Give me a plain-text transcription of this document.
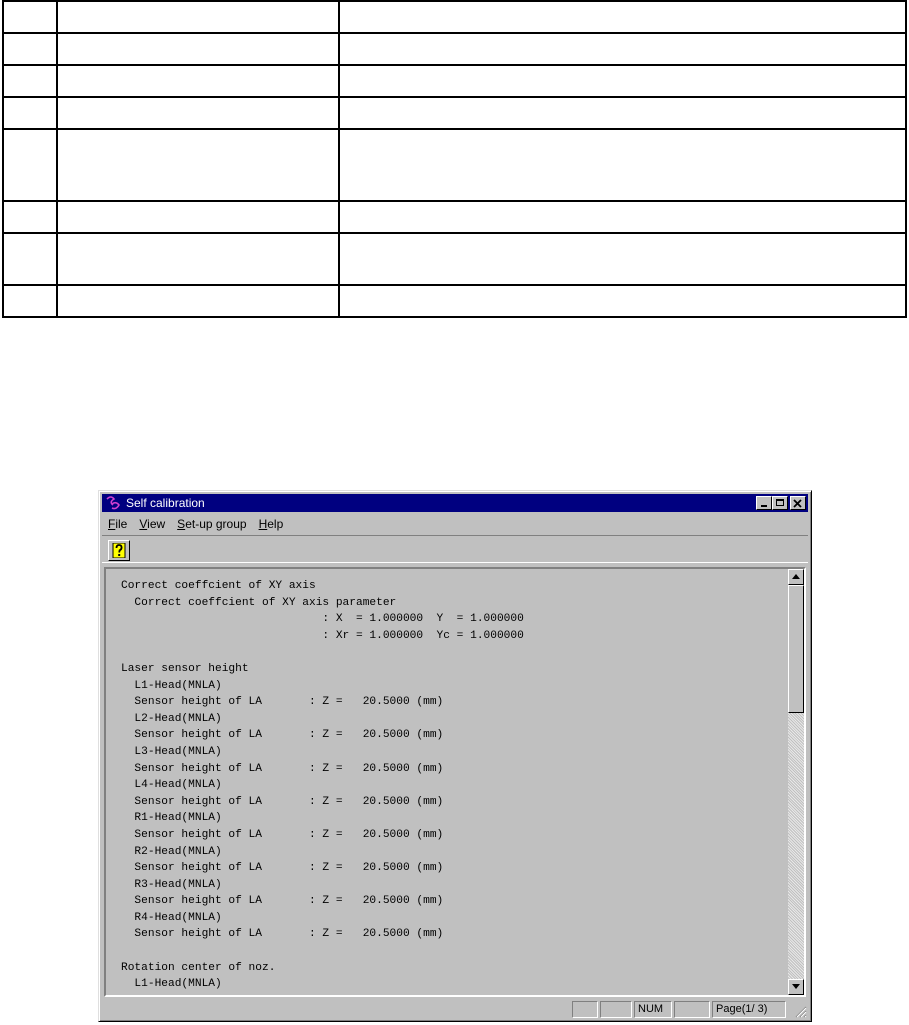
Self calibration
File	View	Set-up group	Help
Correct coeffcient of XY axis
Correct coeffcient of XY axis parameter
: X  = 1.000000  Y  = 1.000000
: Xr = 1.000000  Yc = 1.000000
Laser sensor height
L1-Head(MNLA)
Sensor height of LA       : Z =   20.5000 (mm)
L2-Head(MNLA)
Sensor height of LA       : Z =   20.5000 (mm)
L3-Head(MNLA)
Sensor height of LA       : Z =   20.5000 (mm)
L4-Head(MNLA)
Sensor height of LA       : Z =   20.5000 (mm)
R1-Head(MNLA)
Sensor height of LA       : Z =   20.5000 (mm)
R2-Head(MNLA)
Sensor height of LA       : Z =   20.5000 (mm)
R3-Head(MNLA)
Sensor height of LA       : Z =   20.5000 (mm)
R4-Head(MNLA)
Sensor height of LA       : Z =   20.5000 (mm)
Rotation center of noz.
L1-Head(MNLA)
NUM	Page(1/ 3)
